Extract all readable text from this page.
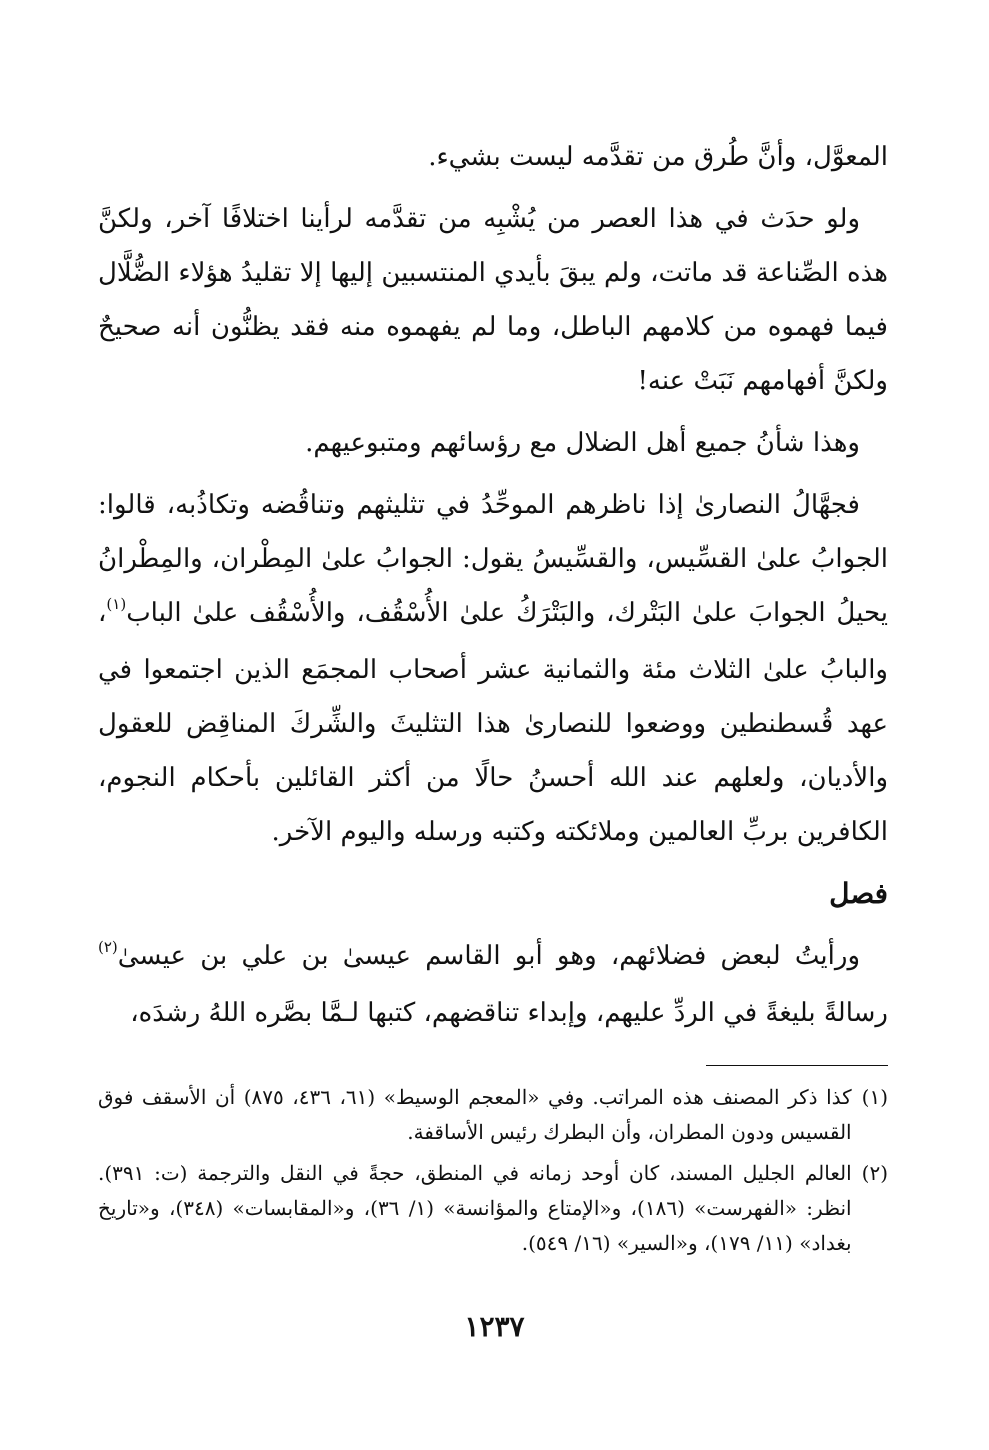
المعوَّل، وأنَّ طُرق من تقدَّمه ليست بشيء.

ولو حدَث في هذا العصر من يُشْبِه من تقدَّمه لرأينا اختلافًا آخر، ولكنَّ هذه الصِّناعة قد ماتت، ولم يبقَ بأيدي المنتسبين إليها إلا تقليدُ هؤلاء الضُّلَّال فيما فهموه من كلامهم الباطل، وما لم يفهموه منه فقد يظنُّون أنه صحيحٌ ولكنَّ أفهامهم نَبَتْ عنه!

وهذا شأنُ جميع أهل الضلال مع رؤسائهم ومتبوعيهم.

فجهَّالُ النصارىٰ إذا ناظرهم الموحِّدُ في تثليثهم وتناقُضه وتكاذُبه، قالوا: الجوابُ علىٰ القسِّيس، والقسِّيسُ يقول: الجوابُ علىٰ المِطْران، والمِطْرانُ يحيلُ الجوابَ علىٰ البَتْرك، والبَتْرَكُ علىٰ الأُسْقُف، والأُسْقُف علىٰ الباب$^{(١)}$، والبابُ علىٰ الثلاث مئة والثمانية عشر أصحاب المجمَع الذين اجتمعوا في عهد قُسطنطين ووضعوا للنصارىٰ هذا التثليثَ والشِّركَ المناقِض للعقول والأديان، ولعلهم عند الله أحسنُ حالًا من أكثر القائلين بأحكام النجوم، الكافرين بربِّ العالمين وملائكته وكتبه ورسله واليوم الآخر.

فصل

ورأيتُ لبعض فضلائهم، وهو أبو القاسم عيسىٰ بن علي بن عيسىٰ$^{(٢)}$ رسالةً بليغةً في الردِّ عليهم، وإبداء تناقضهم، كتبها لـمَّا بصَّره اللهُ رشدَه،

(١)
كذا ذكر المصنف هذه المراتب. وفي «المعجم الوسيط» (٦١، ٤٣٦، ٨٧٥) أن الأسقف فوق القسيس ودون المطران، وأن البطرك رئيس الأساقفة.
(٢)
العالم الجليل المسند، كان أوحد زمانه في المنطق، حجةً في النقل والترجمة (ت: ٣٩١). انظر: «الفهرست» (١٨٦)، و«الإمتاع والمؤانسة» (١/ ٣٦)، و«المقابسات» (٣٤٨)، و«تاريخ بغداد» (١١/ ١٧٩)، و«السير» (١٦/ ٥٤٩).
١٢٣٧
